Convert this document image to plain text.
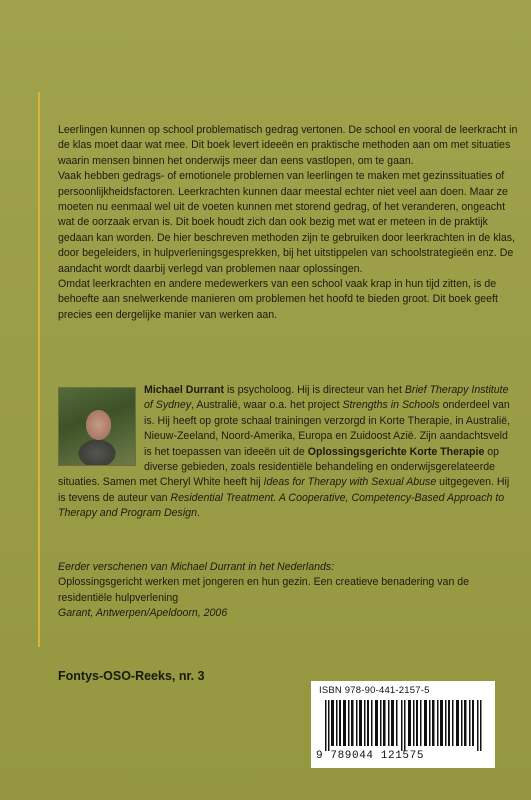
Leerlingen kunnen op school problematisch gedrag vertonen. De school en vooral de leerkracht in de klas moet daar wat mee. Dit boek levert ideeën en praktische methoden aan om met situaties waarin mensen binnen het onderwijs meer dan eens vastlopen, om te gaan.

Vaak hebben gedrags- of emotionele problemen van leerlingen te maken met gezinssituaties of persoonlijkheidsfactoren. Leerkrachten kunnen daar meestal echter niet veel aan doen. Maar ze moeten nu eenmaal wel uit de voeten kunnen met storend gedrag, of het veranderen, ongeacht wat de oorzaak ervan is. Dit boek houdt zich dan ook bezig met wat er meteen in de praktijk gedaan kan worden. De hier beschreven methoden zijn te gebruiken door leerkrachten in de klas, door begeleiders, in hulpverleningsgesprekken, bij het uitstippelen van schoolstrategieën enz. De aandacht wordt daarbij verlegd van problemen naar oplossingen.

Omdat leerkrachten en andere medewerkers van een school vaak krap in hun tijd zitten, is de behoefte aan snelwerkende manieren om problemen het hoofd te bieden groot. Dit boek geeft precies een dergelijke manier van werken aan.

Michael Durrant is psycholoog. Hij is directeur van het Brief Therapy Institute of Sydney, Australië, waar o.a. het project Strengths in Schools onderdeel van is. Hij heeft op grote schaal trainingen verzorgd in Korte Therapie, in Australië, Nieuw-Zeeland, Noord-Amerika, Europa en Zuidoost Azië. Zijn aandachtsveld is het toepassen van ideeën uit de Oplossingsgerichte Korte Therapie op diverse gebieden, zoals residentiële behandeling en onderwijsgerelateerde situaties. Samen met Cheryl White heeft hij Ideas for Therapy with Sexual Abuse uitgegeven. Hij is tevens de auteur van Residential Treatment. A Cooperative, Competency-Based Approach to Therapy and Program Design.

Eerder verschenen van Michael Durrant in het Nederlands:
Oplossingsgericht werken met jongeren en hun gezin. Een creatieve benadering van de residentiële hulpverlening
Garant, Antwerpen/Apeldoorn, 2006
Fontys-OSO-Reeks, nr. 3
ISBN 978-90-441-2157-5
9 789044 121575
